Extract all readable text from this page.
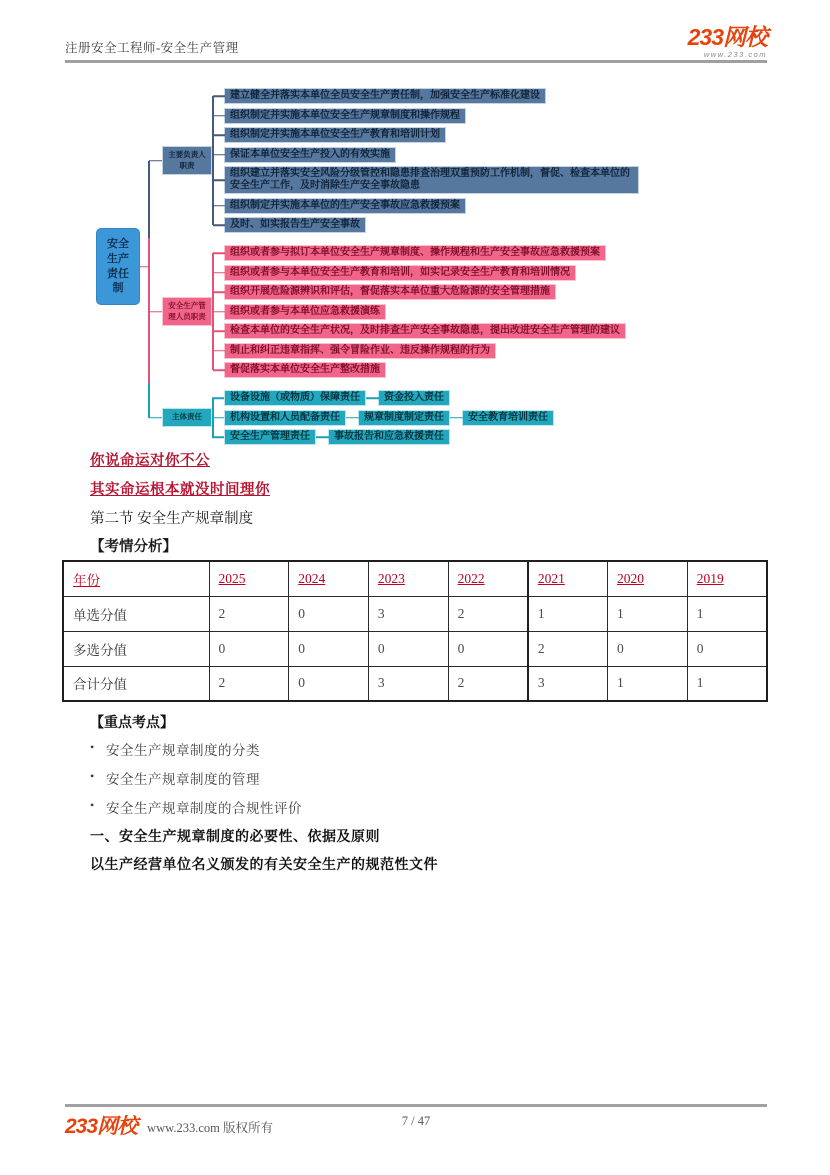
注册安全工程师-安全生产管理	233网校
www.233.com
安全生产责任制
主要负责人职责
建立健全并落实本单位全员安全生产责任制，加强安全生产标准化建设
组织制定并实施本单位安全生产规章制度和操作规程
组织制定并实施本单位安全生产教育和培训计划
保证本单位安全生产投入的有效实施
组织建立并落实安全风险分级管控和隐患排查治理双重预防工作机制，督促、检查本单位的安全生产工作，及时消除生产安全事故隐患
组织制定并实施本单位的生产安全事故应急救援预案
及时、如实报告生产安全事故
安全生产管理人员职责
组织或者参与拟订本单位安全生产规章制度、操作规程和生产安全事故应急救援预案
组织或者参与本单位安全生产教育和培训，如实记录安全生产教育和培训情况
组织开展危险源辨识和评估，督促落实本单位重大危险源的安全管理措施
组织或者参与本单位应急救援演练
检查本单位的安全生产状况，及时排查生产安全事故隐患，提出改进安全生产管理的建议
制止和纠正违章指挥、强令冒险作业、违反操作规程的行为
督促落实本单位安全生产整改措施
主体责任
设备设施（或物质）保障责任	资金投入责任
机构设置和人员配备责任	规章制度制定责任	安全教育培训责任
安全生产管理责任	事故报告和应急救援责任
你说命运对你不公
其实命运根本就没时间理你
第二节 安全生产规章制度
【考情分析】
年份	2025	2024	2023	2022	2021	2020	2019
单选分值	2	0	3	2	1	1	1
多选分值	0	0	0	0	2	0	0
合计分值	2	0	3	2	3	1	1
【重点考点】
• 安全生产规章制度的分类
• 安全生产规章制度的管理
• 安全生产规章制度的合规性评价
一、安全生产规章制度的必要性、依据及原则
以生产经营单位名义颁发的有关安全生产的规范性文件
233网校 www.233.com 版权所有	7 / 47
